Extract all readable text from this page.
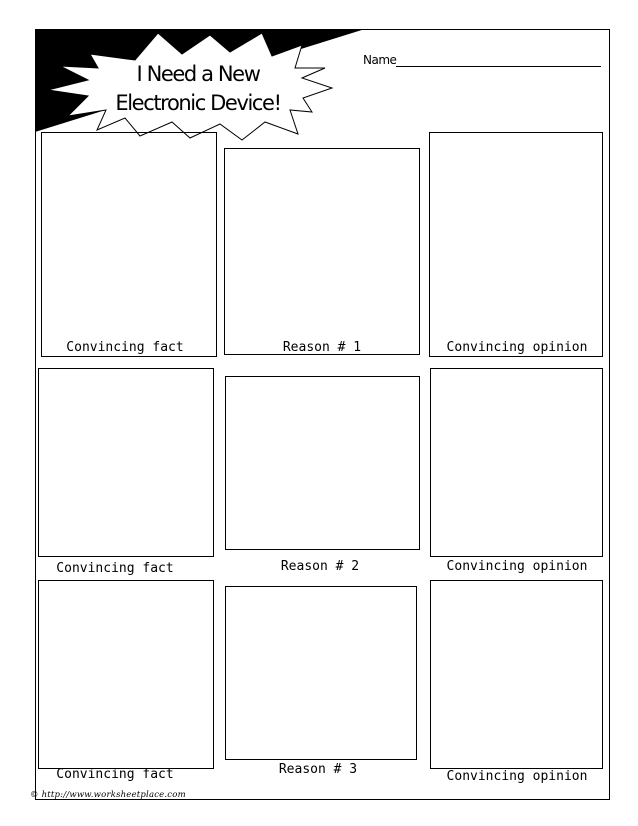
I Need a New
Electronic Device!
Name
Convincing fact	Reason # 1	Convincing opinion
Convincing fact	Reason # 2	Convincing opinion
Convincing fact	Reason # 3	Convincing opinion
© http://www.worksheetplace.com
